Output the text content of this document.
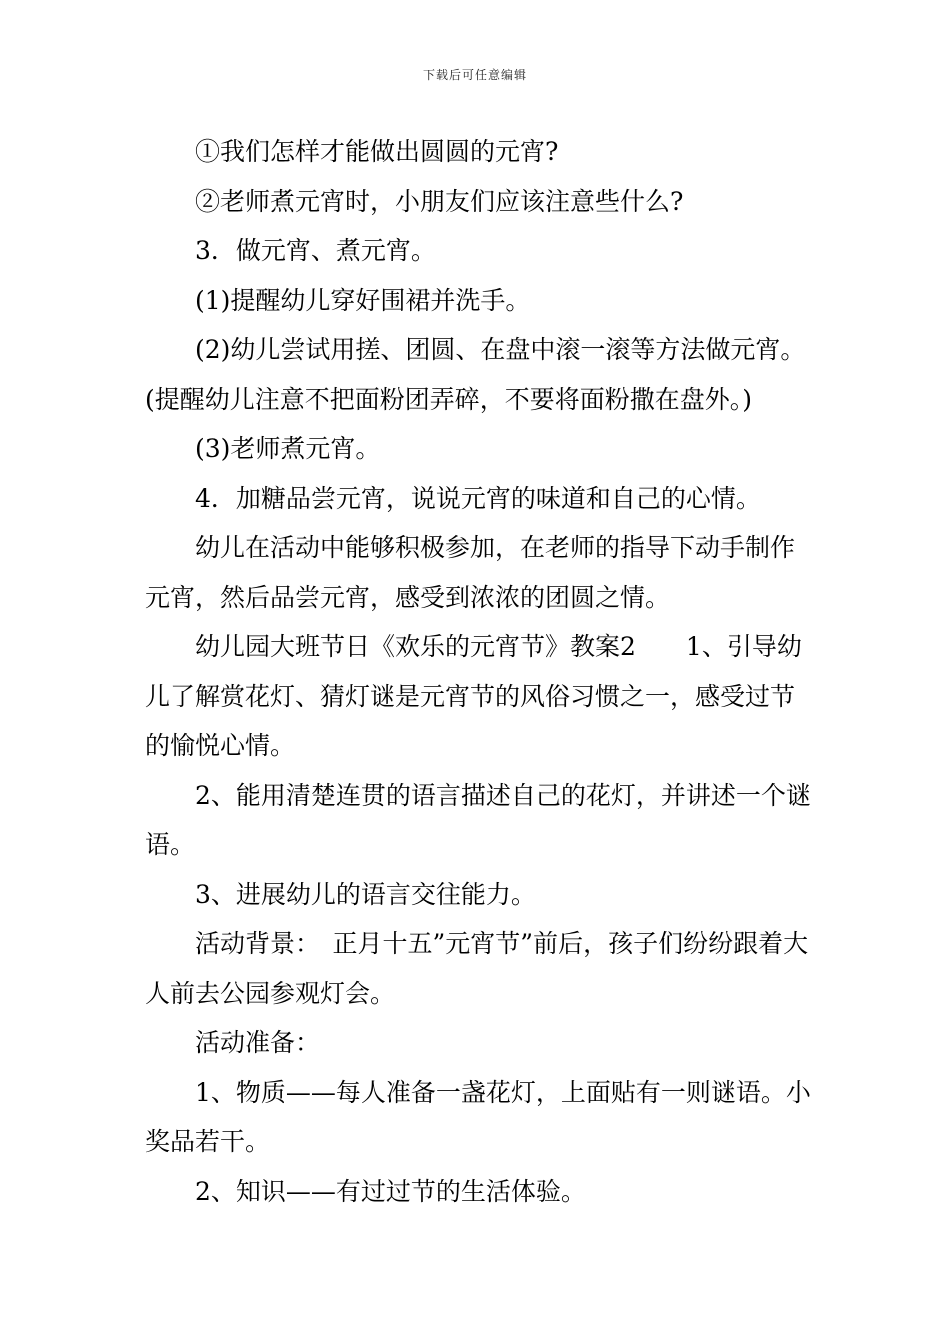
下载后可任意编辑

①我们怎样才能做出圆圆的元宵?

②老师煮元宵时，小朋友们应该注意些什么?

3．做元宵、煮元宵。

(1)提醒幼儿穿好围裙并洗手。

(2)幼儿尝试用搓、团圆、在盘中滚一滚等方法做元宵。

(提醒幼儿注意不把面粉团弄碎，不要将面粉撒在盘外。)

(3)老师煮元宵。

4．加糖品尝元宵，说说元宵的味道和自己的心情。

幼儿在活动中能够积极参加，在老师的指导下动手制作元宵，然后品尝元宵，感受到浓浓的团圆之情。

幼儿园大班节日《欢乐的元宵节》教案2　　1、引导幼儿了解赏花灯、猜灯谜是元宵节的风俗习惯之一，感受过节的愉悦心情。

2、能用清楚连贯的语言描述自己的花灯，并讲述一个谜语。

3、进展幼儿的语言交往能力。

活动背景：　正月十五”元宵节”前后，孩子们纷纷跟着大人前去公园参观灯会。

活动准备：

1、物质——每人准备一盏花灯，上面贴有一则谜语。小奖品若干。

2、知识——有过过节的生活体验。
